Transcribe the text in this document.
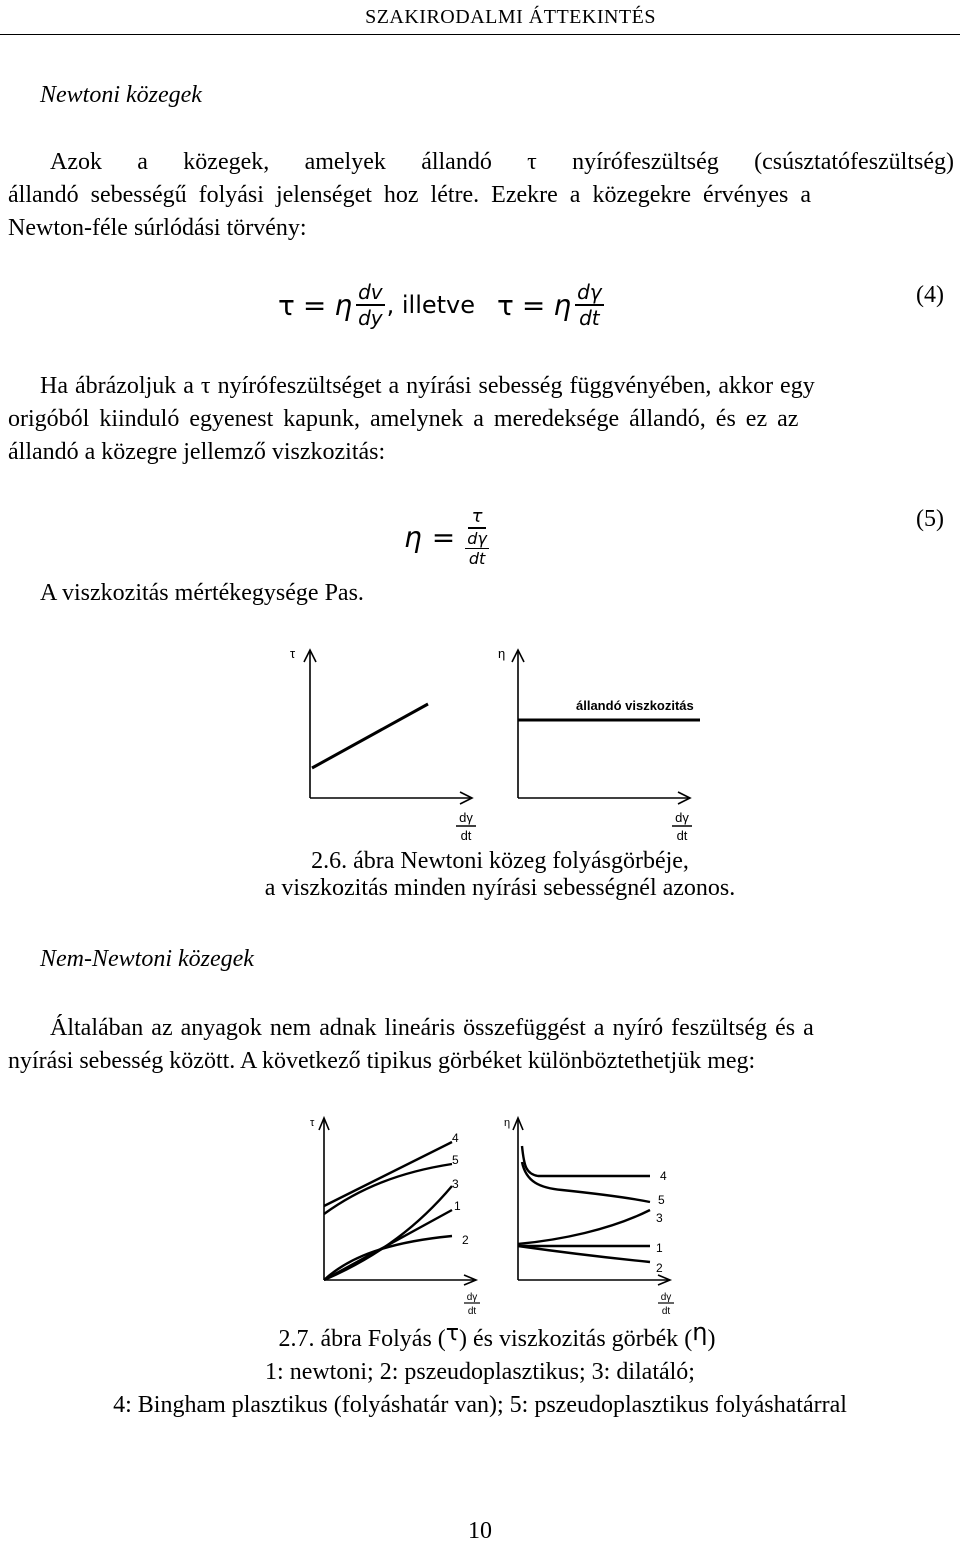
SZAKIRODALMI ÁTTEKINTÉS
Newtoni közegek
Azok a közegek, amelyek állandó τ nyírófeszültség (csúsztatófeszültség)
állandó sebességű folyási jelenséget hoz létre. Ezekre a közegekre érvényes a
Newton-féle súrlódási törvény:
τ = η $\frac{dv}{dy}$ , illetve τ = η $\frac{d\gamma}{dt}$	(4)
Ha ábrázoljuk a τ nyírófeszültséget a nyírási sebesség függvényében, akkor egy
origóból kiinduló egyenest kapunk, amelynek a meredeksége állandó, és ez az
állandó a közegre jellemző viszkozitás:
$\eta = \frac{\tau}{\frac{d\gamma}{dt}}$	(5)
A viszkozitás mértékegysége Pas.
τ
dγ
dt
η
állandó viszkozitás
dγ
dt
2.6. ábra Newtoni közeg folyásgörbéje,
a viszkozitás minden nyírási sebességnél azonos.
Nem-Newtoni közegek
Általában az anyagok nem adnak lineáris összefüggést a nyíró feszültség és a
nyírási sebesség között. A következő tipikus görbéket különböztethetjük meg:
τ
4
5
3
1
2
dγ
dt
η
4
5
3
1
2
dγ
dt
2.7. ábra Folyás (τ) és viszkozitás görbék (η)
1: newtoni; 2: pszeudoplasztikus; 3: dilatáló;
4: Bingham plasztikus (folyáshatár van); 5: pszeudoplasztikus folyáshatárral
10
